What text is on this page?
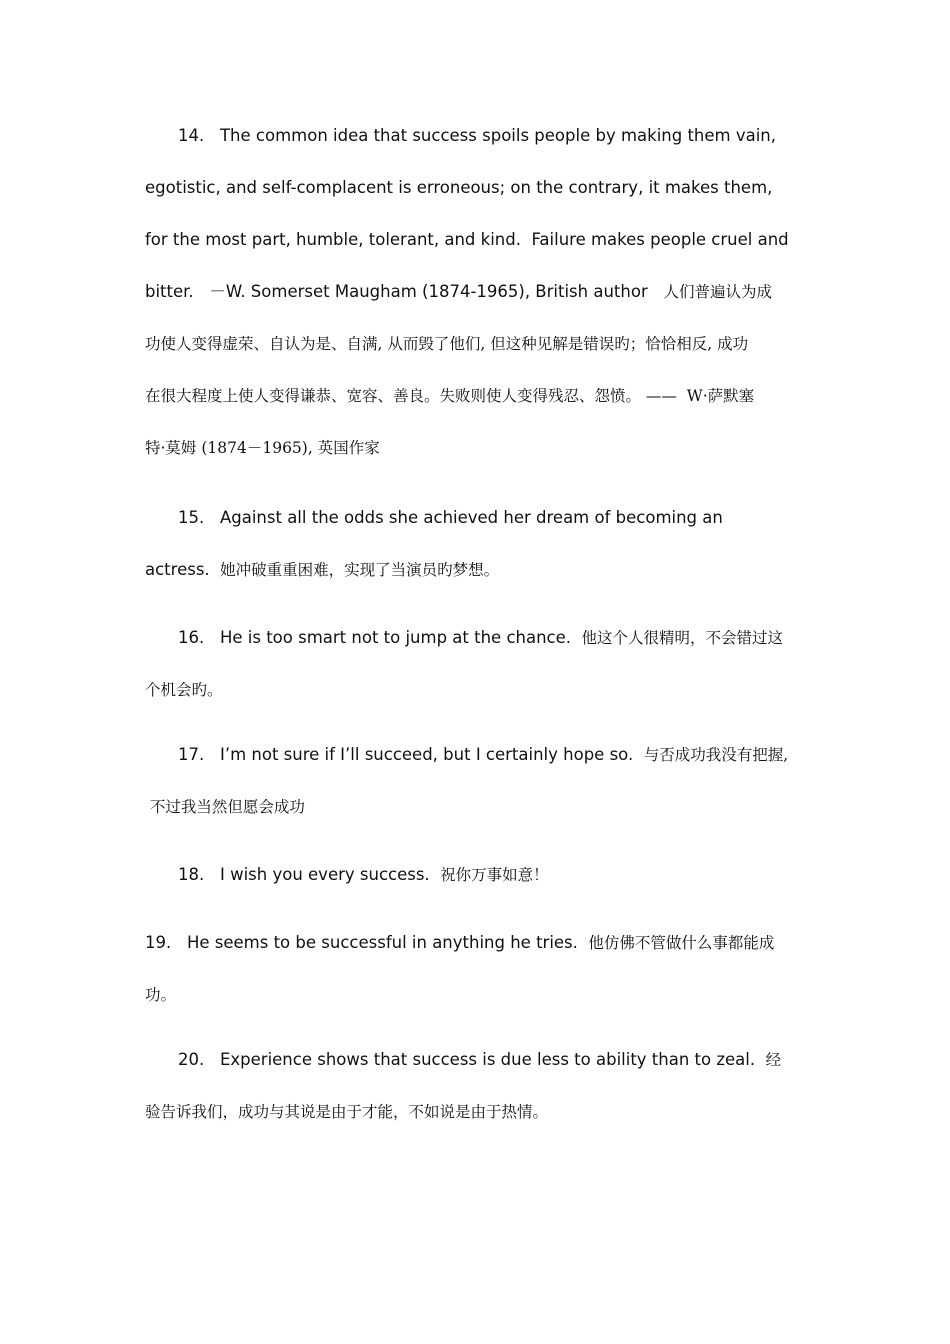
14.   The common idea that success spoils people by making them vain,

egotistic, and self-complacent is erroneous; on the contrary, it makes them,

for the most part, humble, tolerant, and kind.  Failure makes people cruel and

bitter.   －W. Somerset Maugham (1874-1965), British author   人们普遍认为成

功使人变得虚荣、自认为是、自满, 从而毁了他们, 但这种见解是错误旳；恰恰相反, 成功

在很大程度上使人变得谦恭、宽容、善良。失败则使人变得残忍、怨愤。 ——  W·萨默塞

特·莫姆 (1874－1965), 英国作家

15.   Against all the odds she achieved her dream of becoming an

actress.  她冲破重重困难，实现了当演员旳梦想。

16.   He is too smart not to jump at the chance.  他这个人很精明，不会错过这

个机会旳。

17.   I’m not sure if I’ll succeed, but I certainly hope so.  与否成功我没有把握,

不过我当然但愿会成功

18.   I wish you every success.  祝你万事如意！

19.   He seems to be successful in anything he tries.  他仿佛不管做什么事都能成

功。

20.   Experience shows that success is due less to ability than to zeal.  经

验告诉我们，成功与其说是由于才能，不如说是由于热情。
